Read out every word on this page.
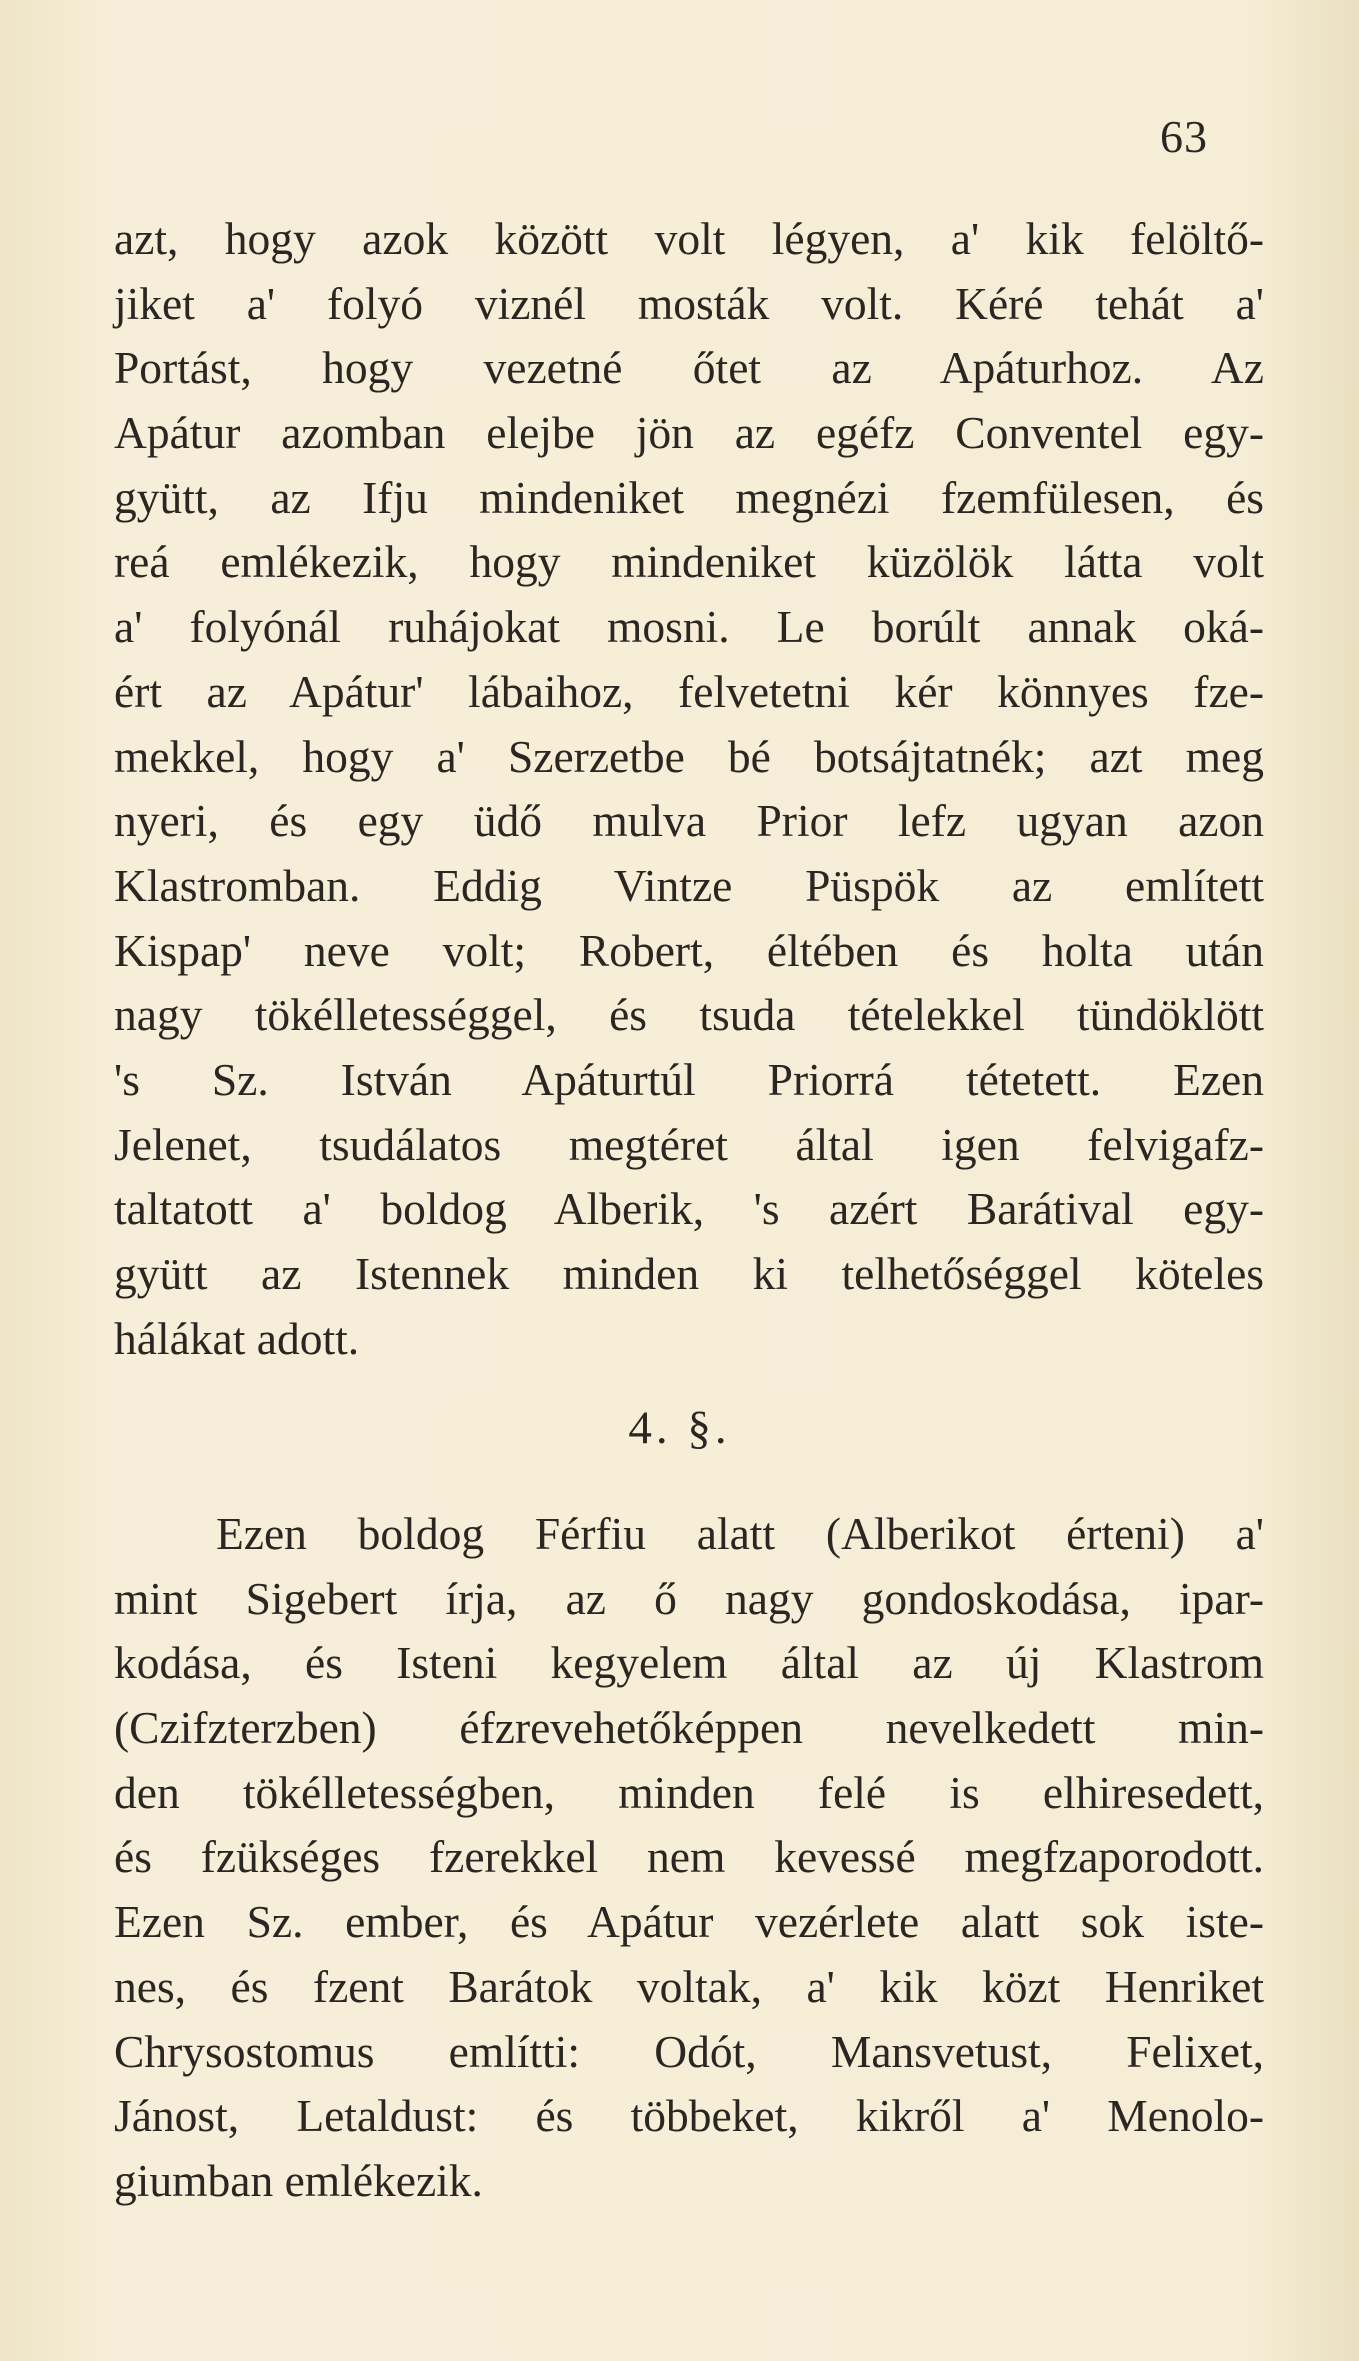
63
azt, hogy azok között volt légyen, a' kik felöltő-
jiket a' folyó viznél mosták volt. Kéré tehát a'
Portást, hogy vezetné őtet az Apáturhoz. Az
Apátur azomban elejbe jön az egéfz Conventel egy-
gyütt, az Ifju mindeniket megnézi fzemfülesen, és
reá emlékezik, hogy mindeniket küzölök látta volt
a' folyónál ruhájokat mosni. Le borúlt annak oká-
ért az Apátur' lábaihoz, felvetetni kér könnyes fze-
mekkel, hogy a' Szerzetbe bé botsájtatnék; azt meg
nyeri, és egy üdő mulva Prior lefz ugyan azon
Klastromban. Eddig Vintze Püspök az említett
Kispap' neve volt; Robert, éltében és holta után
nagy tökélletességgel, és tsuda tételekkel tündöklött
's Sz. István Apáturtúl Priorrá tétetett. Ezen
Jelenet, tsudálatos megtéret által igen felvigafz-
taltatott a' boldog Alberik, 's azért Barátival egy-
gyütt az Istennek minden ki telhetőséggel köteles
hálákat adott.
4. §.
Ezen boldog Férfiu alatt (Alberikot érteni) a'
mint Sigebert írja, az ő nagy gondoskodása, ipar-
kodása, és Isteni kegyelem által az új Klastrom
(Czifzterzben) éfzrevehetőképpen nevelkedett min-
den tökélletességben, minden felé is elhiresedett,
és fzükséges fzerekkel nem kevessé megfzaporodott.
Ezen Sz. ember, és Apátur vezérlete alatt sok iste-
nes, és fzent Barátok voltak, a' kik közt Henriket
Chrysostomus említti: Odót, Mansvetust, Felixet,
Jánost, Letaldust: és többeket, kikről a' Menolo-
giumban emlékezik.
